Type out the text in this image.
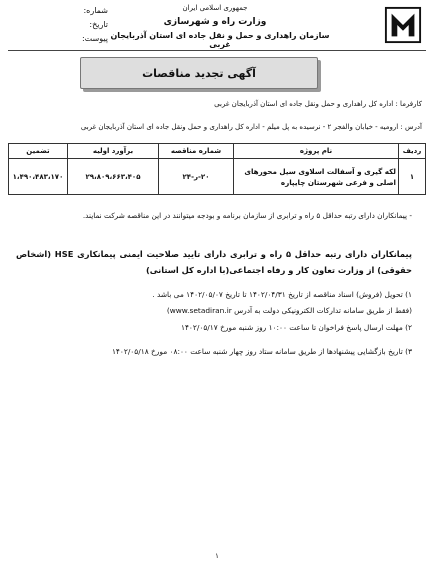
جمهوری اسلامی ایران
وزارت راه و شهرسازی
سازمان راهداری و حمل و نقل جاده ای استان آذربایجان غربی
شماره:
تاریخ:
پیوست:
آگهی تجدید مناقصات
کارفرما : اداره کل راهداری و حمل ونقل جاده ای استان آذربایجان غربی
آدرس : ارومیه - خیابان والفجر ۲ - نرسیده به پل میلم - اداره کل راهداری و حمل ونقل جاده ای استان آذربایجان غربی
ردیف	نام پروژه	شماره مناقصه	برآورد اولیه	تضمین
۱	لکه گیری و آسفالت اسلاوی سیل محورهای اصلی و فرعی شهرستان چایپاره	۲۰-ر-۲۴	۲۹،۸۰۹،۶۶۳،۴۰۵	۱،۴۹۰،۴۸۳،۱۷۰
- پیمانکاران دارای رتبه حداقل ۵ راه و ترابری از سازمان برنامه و بودجه میتوانند در این مناقصه شرکت نمایند.
پیمانکاران دارای رتبه حداقل ۵ راه و ترابری دارای تایید صلاحیت ایمنی پیمانکاری HSE (اشخاص حقوقی) از وزارت تعاون کار و رفاه اجتماعی(با اداره کل استانی)
۱) تحویل (فروش) اسناد مناقصه از تاریخ ۱۴۰۲/۰۴/۳۱ تا تاریخ ۱۴۰۲/۰۵/۰۷ می باشد .
(فقط از طریق سامانه تدارکات الکترونیکی دولت به آدرس www.setadiran.ir)
۲) مهلت ارسال پاسخ فراخوان تا ساعت ۱۰:۰۰ روز شنبه مورخ ۱۴۰۲/۰۵/۱۷
۳) تاریخ بازگشایی پیشنهادها از طریق سامانه ستاد روز چهار شنبه ساعت ۰۸:۰۰ مورخ ۱۴۰۲/۰۵/۱۸
۱
